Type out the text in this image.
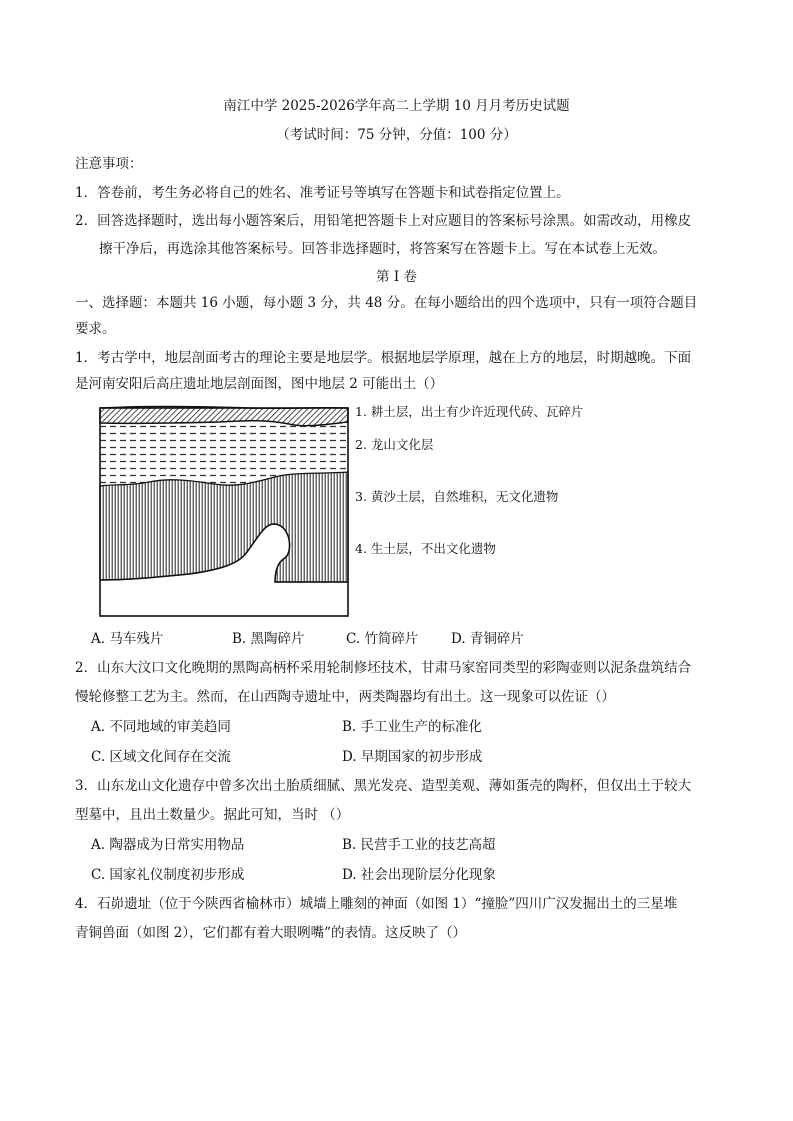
南江中学 2025-2026学年高二上学期 10 月月考历史试题
（考试时间：75 分钟，分值：100 分）
注意事项：
1．答卷前，考生务必将自己的姓名、准考证号等填写在答题卡和试卷指定位置上。
2．回答选择题时，选出每小题答案后，用铅笔把答题卡上对应题目的答案标号涂黑。如需改动，用橡皮
擦干净后，再选涂其他答案标号。回答非选择题时，将答案写在答题卡上。写在本试卷上无效。
第 I 卷
一、选择题：本题共 16 小题，每小题 3 分，共 48 分。在每小题给出的四个选项中，只有一项符合题目
要求。
1．考古学中，地层剖面考古的理论主要是地层学。根据地层学原理，越在上方的地层，时期越晚。下面
是河南安阳后高庄遗址地层剖面图，图中地层 2 可能出土（）
1. 耕土层，出土有少许近现代砖、瓦碎片
2. 龙山文化层
3. 黄沙土层，自然堆积，无文化遗物
4. 生土层，不出文化遗物
A. 马车残片	B. 黑陶碎片	C. 竹简碎片 D. 青铜碎片
2．山东大汶口文化晚期的黑陶高柄杯采用轮制修坯技术，甘肃马家窑同类型的彩陶壶则以泥条盘筑结合
慢轮修整工艺为主。然而，在山西陶寺遗址中，两类陶器均有出土。这一现象可以佐证（）
A. 不同地域的审美趋同	B. 手工业生产的标准化
C. 区域文化间存在交流	D. 早期国家的初步形成
3．山东龙山文化遗存中曾多次出土胎质细腻、黑光发亮、造型美观、薄如蛋壳的陶杯，但仅出土于较大
型墓中，且出土数量少。据此可知，当时 （）
A. 陶器成为日常实用物品	B. 民营手工业的技艺高超
C. 国家礼仪制度初步形成	D. 社会出现阶层分化现象
4．石峁遗址（位于今陕西省榆林市）城墙上雕刻的神面（如图 1）“撞脸”四川广汉发掘出土的三星堆
青铜兽面（如图 2），它们都有着大眼咧嘴”的表情。这反映了（）
